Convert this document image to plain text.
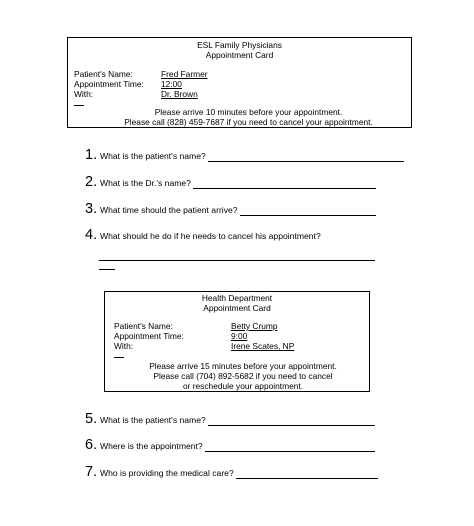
ESL Family Physicians
Appointment Card
Patient's Name:	Fred Farmer
Appointment Time: 12:00
With:	Dr. Brown
Please arrive 10 minutes before your appointment.
Please call (828) 459-7687 if you need to cancel your appointment.
1. What is the patient's name?
2. What is the Dr.'s name?
3. What time should the patient arrive?
4. What should he do if he needs to cancel his appointment?
Health Department
Appointment Card
Patient's Name:	Betty Crump
Appointment Time:	9:00
With:	Irene Scates, NP
Please arrive 15 minutes before your appointment.
Please call (704) 892-5682 if you need to cancel
or reschedule your appointment.
5. What is the patient's name?
6. Where is the appointment?
7. Who is providing the medical care?
